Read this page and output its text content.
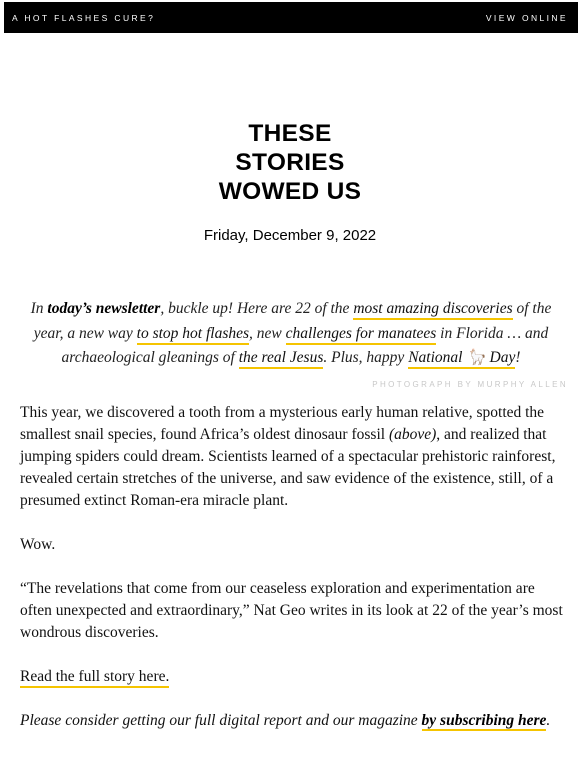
A HOT FLASHES CURE?	VIEW ONLINE
THESE
STORIES
WOWED US
Friday, December 9, 2022
In today’s newsletter, buckle up! Here are 22 of the most amazing discoveries of the year, a new way to stop hot flashes, new challenges for manatees in Florida … and archaeological gleanings of the real Jesus. Plus, happy National 🦙 Day!
PHOTOGRAPH BY MURPHY ALLEN

This year, we discovered a tooth from a mysterious early human relative, spotted the smallest snail species, found Africa’s oldest dinosaur fossil (above), and realized that jumping spiders could dream. Scientists learned of a spectacular prehistoric rainforest, revealed certain stretches of the universe, and saw evidence of the existence, still, of a presumed extinct Roman-era miracle plant.

Wow.

“The revelations that come from our ceaseless exploration and experimentation are often unexpected and extraordinary,” Nat Geo writes in its look at 22 of the year’s most wondrous discoveries.

Read the full story here.

Please consider getting our full digital report and our magazine by subscribing here.
